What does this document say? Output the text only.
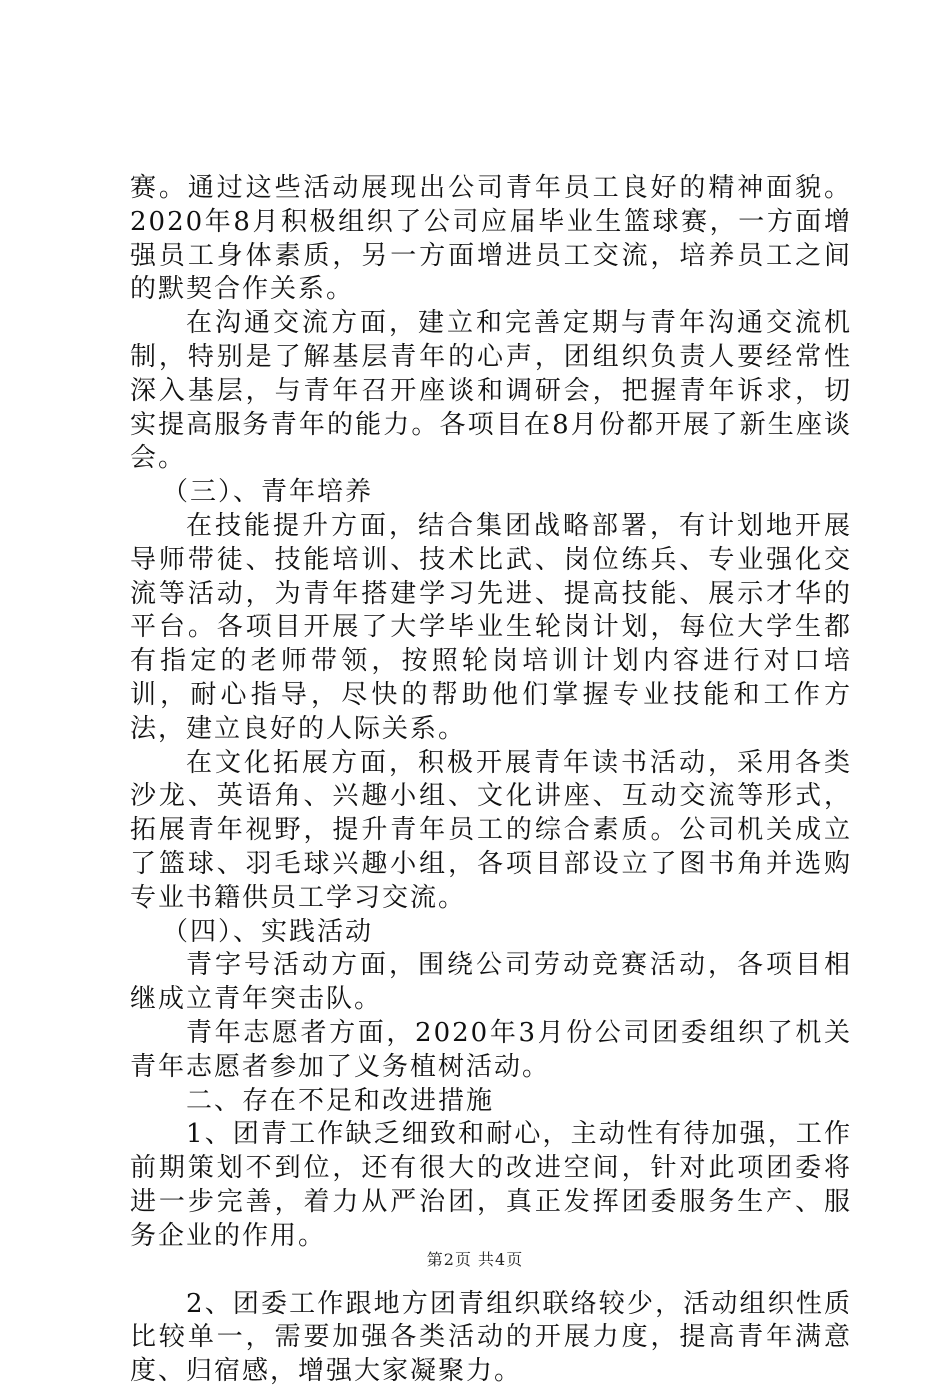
赛。通过这些活动展现出公司青年员工良好的精神面貌。2020年8月积极组织了公司应届毕业生篮球赛，一方面增强员工身体素质，另一方面增进员工交流，培养员工之间的默契合作关系。

在沟通交流方面，建立和完善定期与青年沟通交流机制，特别是了解基层青年的心声，团组织负责人要经常性深入基层，与青年召开座谈和调研会，把握青年诉求，切实提高服务青年的能力。各项目在8月份都开展了新生座谈会。

（三）、青年培养

在技能提升方面，结合集团战略部署，有计划地开展导师带徒、技能培训、技术比武、岗位练兵、专业强化交流等活动，为青年搭建学习先进、提高技能、展示才华的平台。各项目开展了大学毕业生轮岗计划，每位大学生都有指定的老师带领，按照轮岗培训计划内容进行对口培训，耐心指导，尽快的帮助他们掌握专业技能和工作方法，建立良好的人际关系。

在文化拓展方面，积极开展青年读书活动，采用各类沙龙、英语角、兴趣小组、文化讲座、互动交流等形式，拓展青年视野，提升青年员工的综合素质。公司机关成立了篮球、羽毛球兴趣小组，各项目部设立了图书角并选购专业书籍供员工学习交流。

（四）、实践活动

青字号活动方面，围绕公司劳动竞赛活动，各项目相继成立青年突击队。

青年志愿者方面，2020年3月份公司团委组织了机关青年志愿者参加了义务植树活动。

二、存在不足和改进措施

1、团青工作缺乏细致和耐心，主动性有待加强，工作前期策划不到位，还有很大的改进空间，针对此项团委将进一步完善，着力从严治团，真正发挥团委服务生产、服务企业的作用。

2、团委工作跟地方团青组织联络较少，活动组织性质比较单一，需要加强各类活动的开展力度，提高青年满意度、归宿感，增强大家凝聚力。

第2页 共4页
